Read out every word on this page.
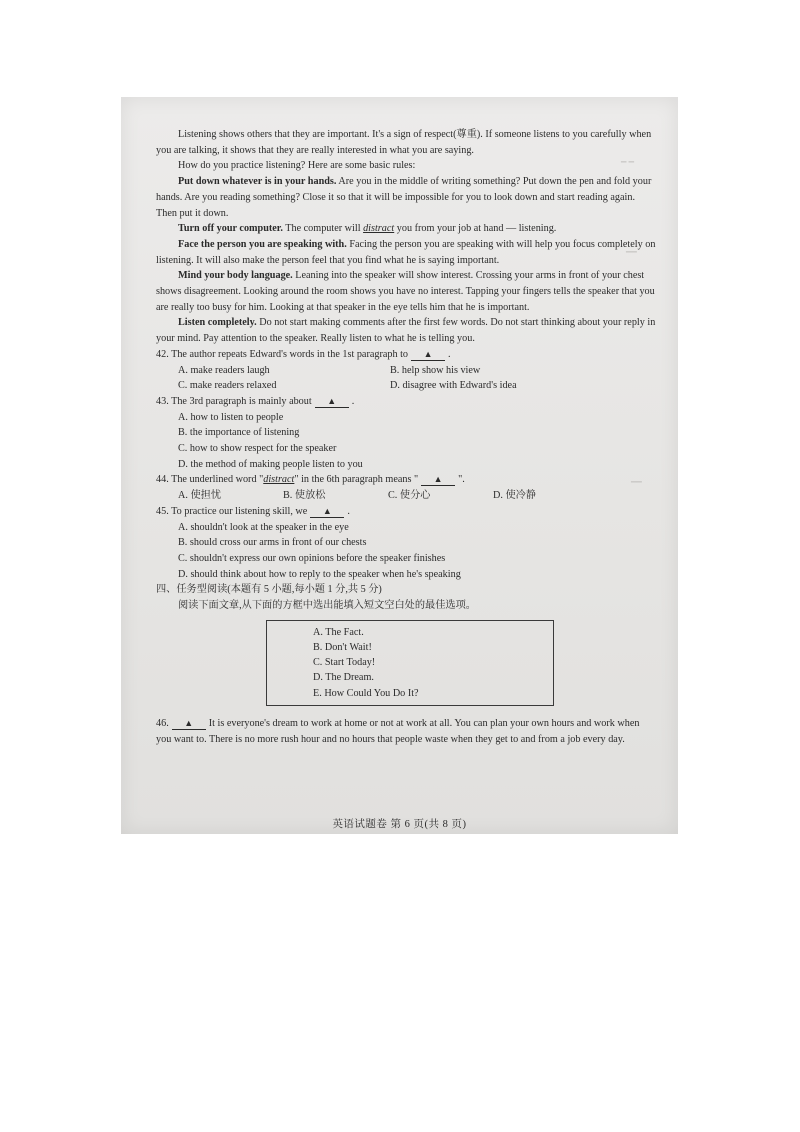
━ ━
━━
━━

Listening shows others that they are important. It's a sign of respect(尊重). If someone listens to you carefully when you are talking, it shows that they are really interested in what you are saying.

How do you practice listening? Here are some basic rules:

Put down whatever is in your hands. Are you in the middle of writing something? Put down the pen and fold your hands. Are you reading something? Close it so that it will be impossible for you to look down and start reading again. Then put it down.

Turn off your computer. The computer will distract you from your job at hand — listening.

Face the person you are speaking with. Facing the person you are speaking with will help you focus completely on listening. It will also make the person feel that you find what he is saying important.

Mind your body language. Leaning into the speaker will show interest. Crossing your arms in front of your chest shows disagreement. Looking around the room shows you have no interest. Tapping your fingers tells the speaker that you are really too busy for him. Looking at that speaker in the eye tells him that he is important.

Listen completely. Do not start making comments after the first few words. Do not start thinking about your reply in your mind. Pay attention to the speaker. Really listen to what he is telling you.

42. The author repeats Edward's words in the 1st paragraph to ▲ .

A. make readers laugh	B. help show his view
C. make readers relaxed	D. disagree with Edward's idea

43. The 3rd paragraph is mainly about ▲ .

A. how to listen to people
B. the importance of listening
C. how to show respect for the speaker
D. the method of making people listen to you

44. The underlined word "distract" in the 6th paragraph means " ▲ ".

A. 使担忧	B. 使放松	C. 使分心	D. 使冷静

45. To practice our listening skill, we ▲ .

A. shouldn't look at the speaker in the eye
B. should cross our arms in front of our chests
C. shouldn't express our own opinions before the speaker finishes
D. should think about how to reply to the speaker when he's speaking

四、任务型阅读(本题有 5 小题,每小题 1 分,共 5 分)

阅读下面文章,从下面的方框中选出能填入短文空白处的最佳选项。

A. The Fact.
B. Don't Wait!
C. Start Today!
D. The Dream.
E. How Could You Do It?

46. ▲ It is everyone's dream to work at home or not at work at all. You can plan your own hours and work when you want to. There is no more rush hour and no hours that people waste when they get to and from a job every day.

英语试题卷 第 6 页(共 8 页)
